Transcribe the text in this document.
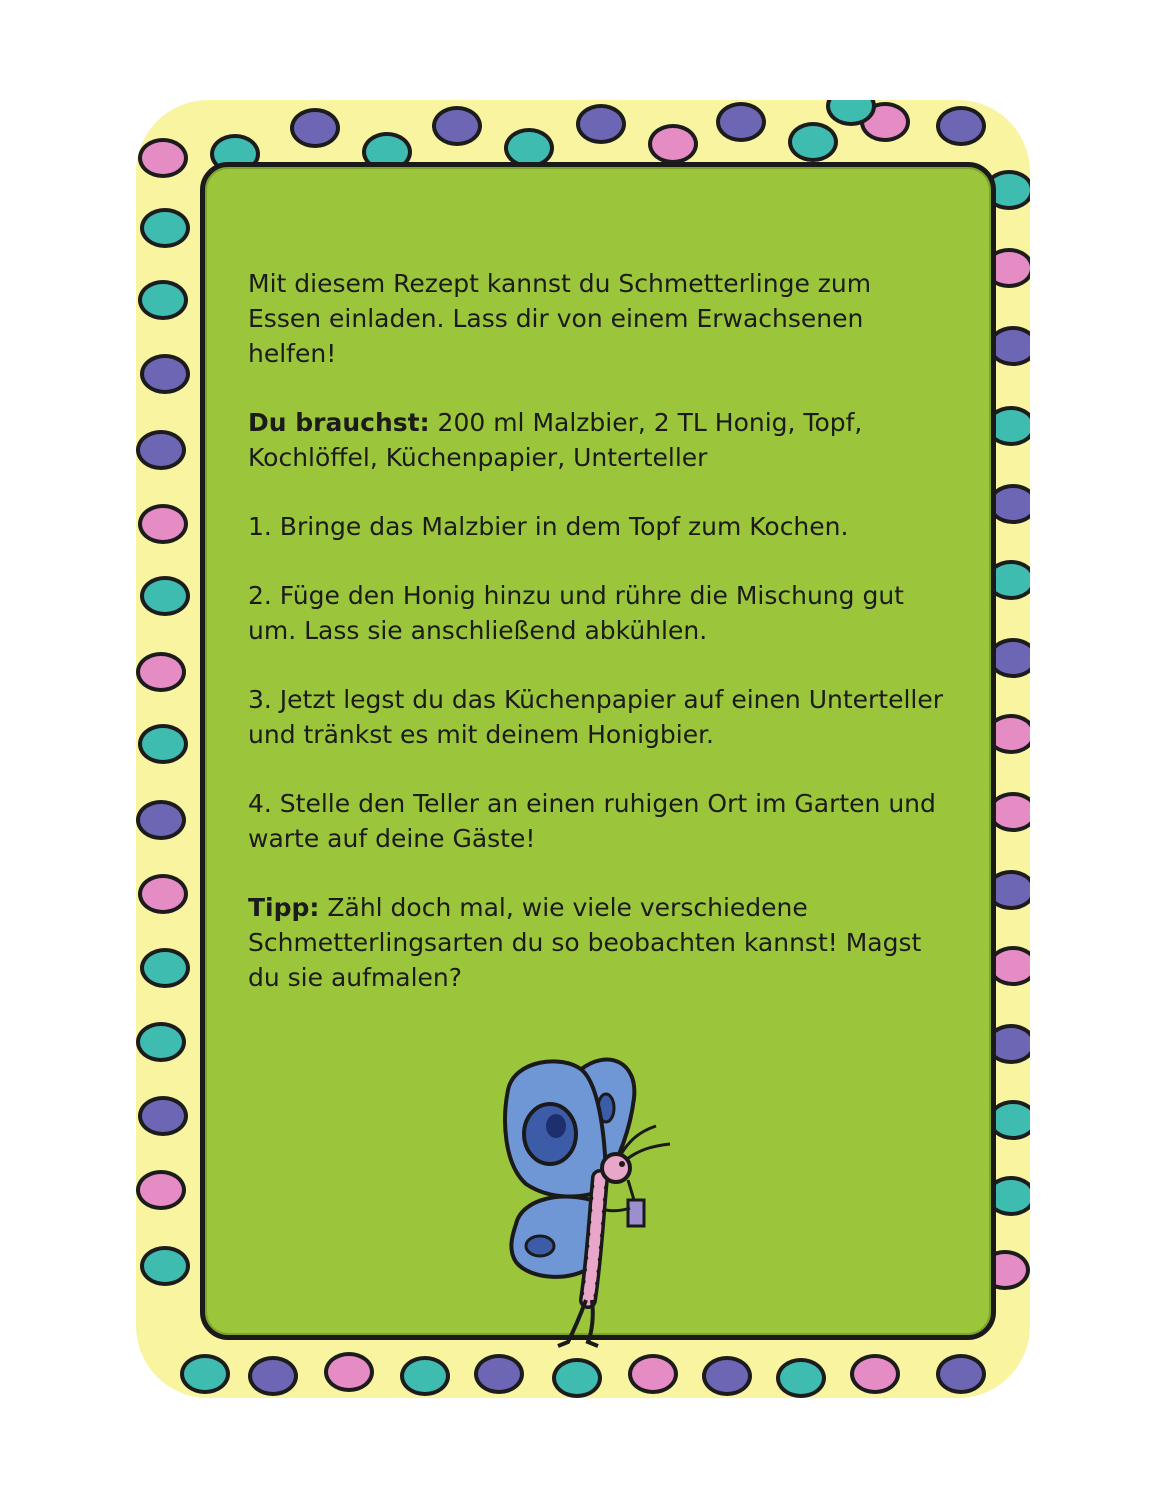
Mit diesem Rezept kannst du Schmetterlinge zum Essen einladen. Lass dir von einem Erwachsenen helfen!

Du brauchst: 200 ml Malzbier, 2 TL Honig, Topf, Kochlöffel, Küchenpapier, Unterteller

1. Bringe das Malzbier in dem Topf zum Kochen.

2. Füge den Honig hinzu und rühre die Mischung gut um. Lass sie anschließend abkühlen.

3. Jetzt legst du das Küchenpapier auf einen Unterteller und tränkst es mit deinem Honigbier.

4. Stelle den Teller an einen ruhigen Ort im Garten und warte auf deine Gäste!

Tipp: Zähl doch mal, wie viele verschiedene Schmetterlingsarten du so beobachten kannst! Magst du sie aufmalen?
